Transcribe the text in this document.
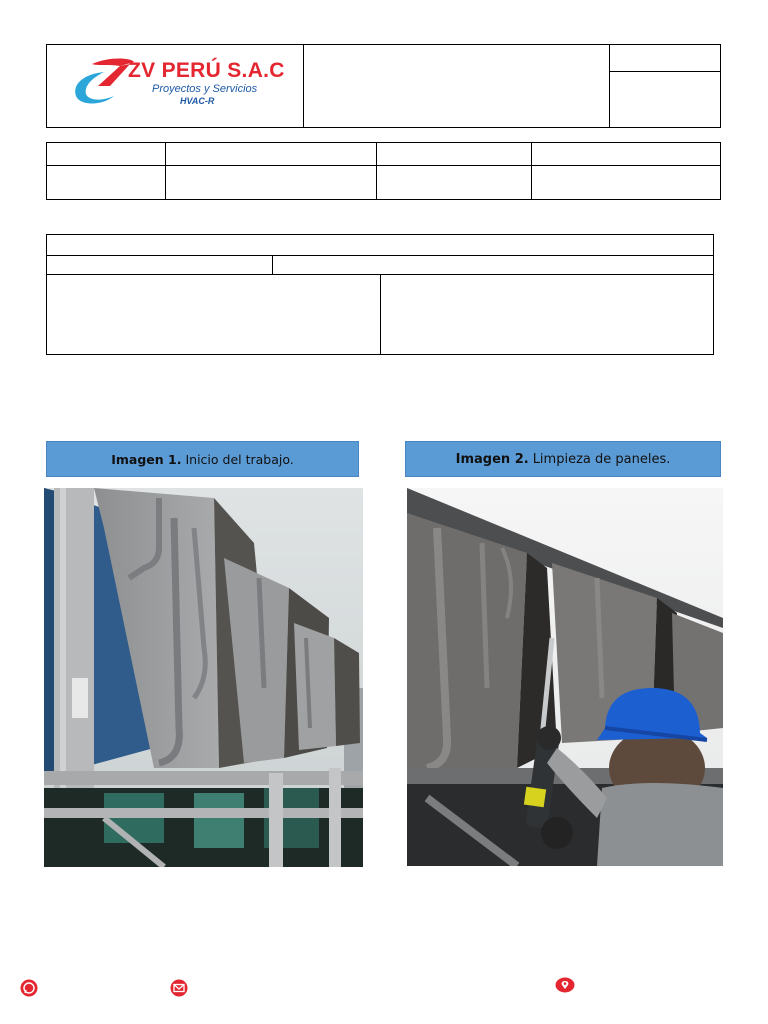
ZV PERÚ S.A.C
Proyectos y Servicios
HVAC-R
Imagen 1. Inicio del trabajo.	Imagen 2. Limpieza de paneles.
